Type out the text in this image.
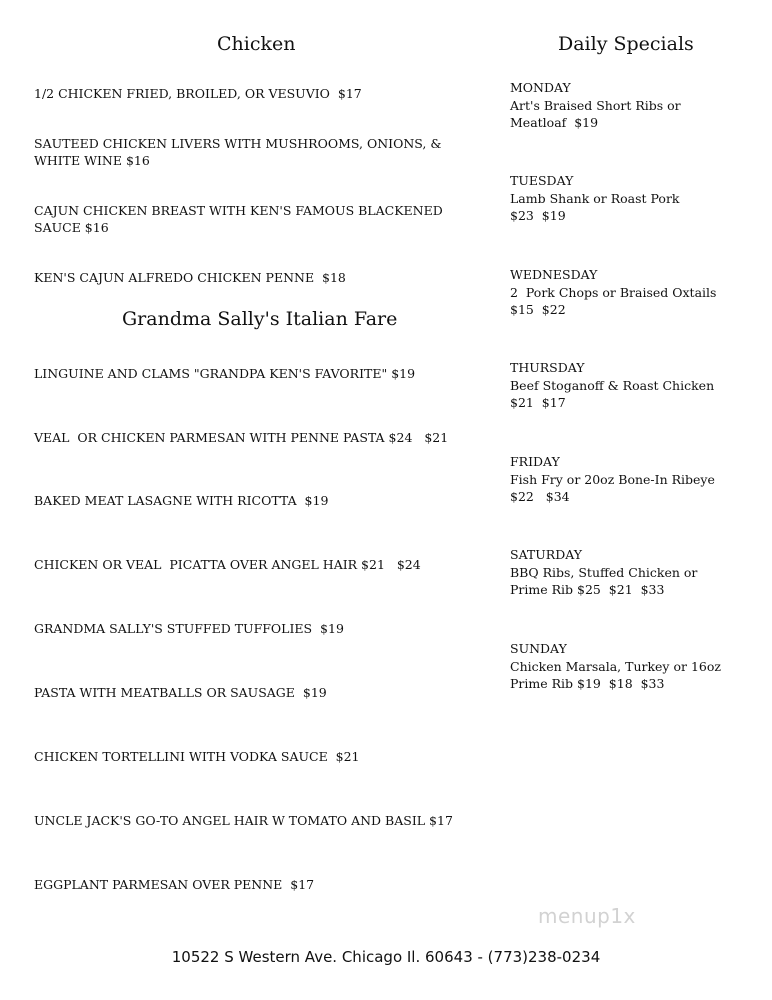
Chicken
1/2 CHICKEN FRIED, BROILED, OR VESUVIO  $17
SAUTEED CHICKEN LIVERS WITH MUSHROOMS, ONIONS, & WHITE WINE $16
CAJUN CHICKEN BREAST WITH KEN'S FAMOUS BLACKENED SAUCE $16
KEN'S CAJUN ALFREDO CHICKEN PENNE  $18
Grandma Sally's Italian Fare
LINGUINE AND CLAMS "GRANDPA KEN'S FAVORITE" $19
VEAL  OR CHICKEN PARMESAN WITH PENNE PASTA $24   $21
BAKED MEAT LASAGNE WITH RICOTTA  $19
CHICKEN OR VEAL  PICATTA OVER ANGEL HAIR $21   $24
GRANDMA SALLY'S STUFFED TUFFOLIES  $19
PASTA WITH MEATBALLS OR SAUSAGE  $19
CHICKEN TORTELLINI WITH VODKA SAUCE  $21
UNCLE JACK'S GO-TO ANGEL HAIR W TOMATO AND BASIL $17
EGGPLANT PARMESAN OVER PENNE  $17
Daily Specials
MONDAY
Art's Braised Short Ribs or
Meatloaf  $19
TUESDAY
Lamb Shank or Roast Pork
$23  $19
WEDNESDAY
2  Pork Chops or Braised Oxtails
$15  $22
THURSDAY
Beef Stoganoff & Roast Chicken
$21  $17
FRIDAY
Fish Fry or 20oz Bone-In Ribeye
$22   $34
SATURDAY
BBQ Ribs, Stuffed Chicken or
Prime Rib $25  $21  $33
SUNDAY
Chicken Marsala, Turkey or 16oz
Prime Rib $19  $18  $33
menup1x
10522 S Western Ave. Chicago Il. 60643 - (773)238-0234
